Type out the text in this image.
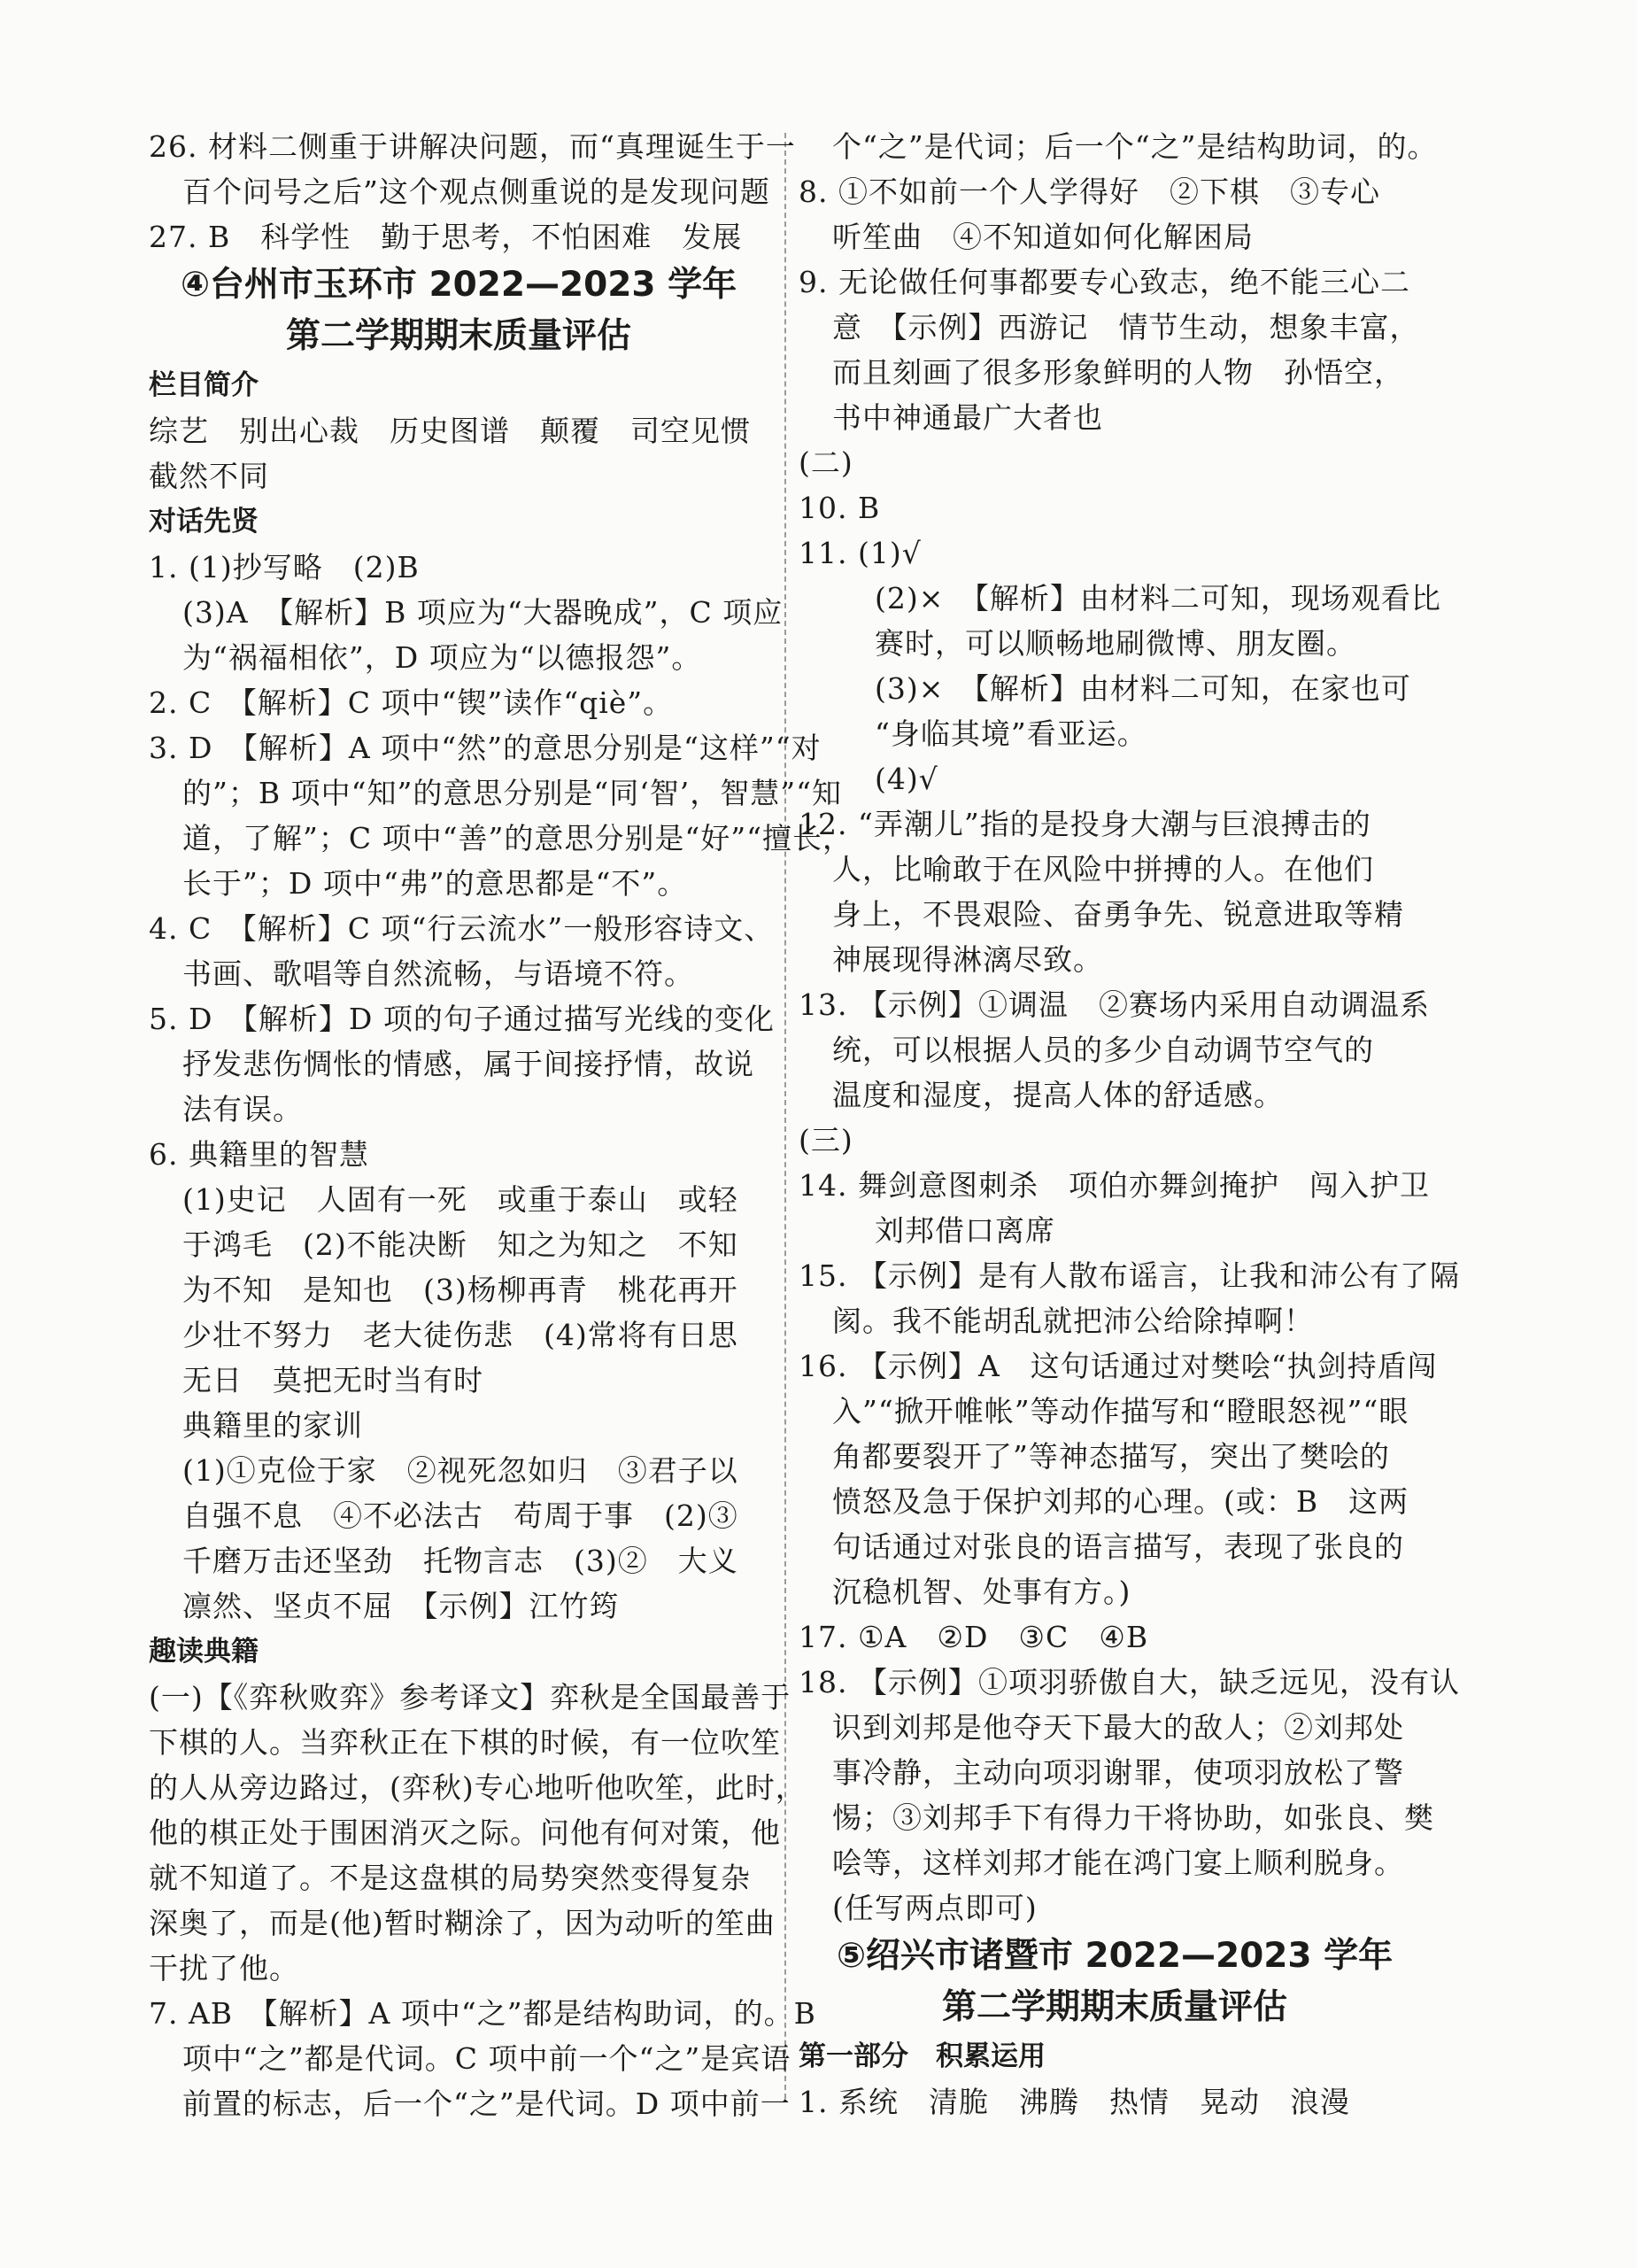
26. 材料二侧重于讲解决问题，而“真理诞生于一
百个问号之后”这个观点侧重说的是发现问题
27. B　科学性　勤于思考，不怕困难　发展
④台州市玉环市 2022—2023 学年
第二学期期末质量评估
栏目简介
综艺　别出心裁　历史图谱　颠覆　司空见惯
截然不同
对话先贤
1. (1)抄写略　(2)B
(3)A　【解析】B 项应为“大器晚成”，C 项应
为“祸福相依”，D 项应为“以德报怨”。
2. C　【解析】C 项中“锲”读作“qiè”。
3. D　【解析】A 项中“然”的意思分别是“这样”“对
的”；B 项中“知”的意思分别是“同‘智’，智慧”“知
道，了解”；C 项中“善”的意思分别是“好”“擅长，
长于”；D 项中“弗”的意思都是“不”。
4. C　【解析】C 项“行云流水”一般形容诗文、
书画、歌唱等自然流畅，与语境不符。
5. D　【解析】D 项的句子通过描写光线的变化
抒发悲伤惆怅的情感，属于间接抒情，故说
法有误。
6. 典籍里的智慧
(1)史记　人固有一死　或重于泰山　或轻
于鸿毛　(2)不能决断　知之为知之　不知
为不知　是知也　(3)杨柳再青　桃花再开
少壮不努力　老大徒伤悲　(4)常将有日思
无日　莫把无时当有时
典籍里的家训
(1)①克俭于家　②视死忽如归　③君子以
自强不息　④不必法古　苟周于事　(2)③
千磨万击还坚劲　托物言志　(3)②　大义
凛然、坚贞不屈　【示例】江竹筠
趣读典籍
(一)【《弈秋败弈》参考译文】弈秋是全国最善于
下棋的人。当弈秋正在下棋的时候，有一位吹笙
的人从旁边路过，(弈秋)专心地听他吹笙，此时，
他的棋正处于围困消灭之际。问他有何对策，他
就不知道了。不是这盘棋的局势突然变得复杂
深奥了，而是(他)暂时糊涂了，因为动听的笙曲
干扰了他。
7. AB　【解析】A 项中“之”都是结构助词，的。B
项中“之”都是代词。C 项中前一个“之”是宾语
前置的标志，后一个“之”是代词。D 项中前一
个“之”是代词；后一个“之”是结构助词，的。
8. ①不如前一个人学得好　②下棋　③专心
听笙曲　④不知道如何化解困局
9. 无论做任何事都要专心致志，绝不能三心二
意　【示例】西游记　情节生动，想象丰富，
而且刻画了很多形象鲜明的人物　孙悟空，
书中神通最广大者也
(二)
10. B
11. (1)√
(2)×　【解析】由材料二可知，现场观看比
赛时，可以顺畅地刷微博、朋友圈。
(3)×　【解析】由材料二可知，在家也可
“身临其境”看亚运。
(4)√
12. “弄潮儿”指的是投身大潮与巨浪搏击的
人，比喻敢于在风险中拼搏的人。在他们
身上，不畏艰险、奋勇争先、锐意进取等精
神展现得淋漓尽致。
13. 【示例】①调温　②赛场内采用自动调温系
统，可以根据人员的多少自动调节空气的
温度和湿度，提高人体的舒适感。
(三)
14. 舞剑意图刺杀　项伯亦舞剑掩护　闯入护卫
刘邦借口离席
15. 【示例】是有人散布谣言，让我和沛公有了隔
阂。我不能胡乱就把沛公给除掉啊！
16. 【示例】A　这句话通过对樊哙“执剑持盾闯
入”“掀开帷帐”等动作描写和“瞪眼怒视”“眼
角都要裂开了”等神态描写，突出了樊哙的
愤怒及急于保护刘邦的心理。(或：B　这两
句话通过对张良的语言描写，表现了张良的
沉稳机智、处事有方。)
17. ①A　②D　③C　④B
18. 【示例】①项羽骄傲自大，缺乏远见，没有认
识到刘邦是他夺天下最大的敌人；②刘邦处
事冷静，主动向项羽谢罪，使项羽放松了警
惕；③刘邦手下有得力干将协助，如张良、樊
哙等，这样刘邦才能在鸿门宴上顺利脱身。
(任写两点即可)
⑤绍兴市诸暨市 2022—2023 学年
第二学期期末质量评估
第一部分　积累运用
1. 系统　清脆　沸腾　热情　晃动　浪漫
